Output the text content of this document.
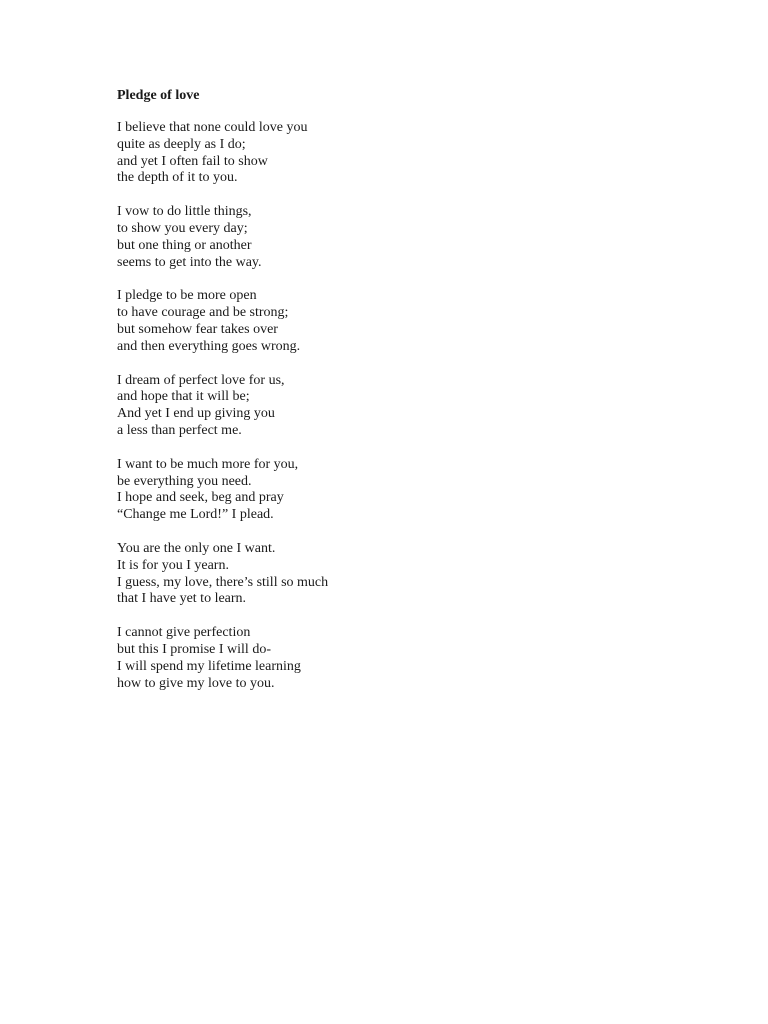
Pledge of love
I believe that none could love you
quite as deeply as I do;
and yet I often fail to show
the depth of it to you.
I vow to do little things,
to show you every day;
but one thing or another
seems to get into the way.
I pledge to be more open
to have courage and be strong;
but somehow fear takes over
and then everything goes wrong.
I dream of perfect love for us,
and hope that it will be;
And yet I end up giving you
a less than perfect me.
I want to be much more for you,
be everything you need.
I hope and seek, beg and pray
“Change me Lord!” I plead.
You are the only one I want.
It is for you I yearn.
I guess, my love, there’s still so much
that I have yet to learn.
I cannot give perfection
but this I promise I will do-
I will spend my lifetime learning
how to give my love to you.
